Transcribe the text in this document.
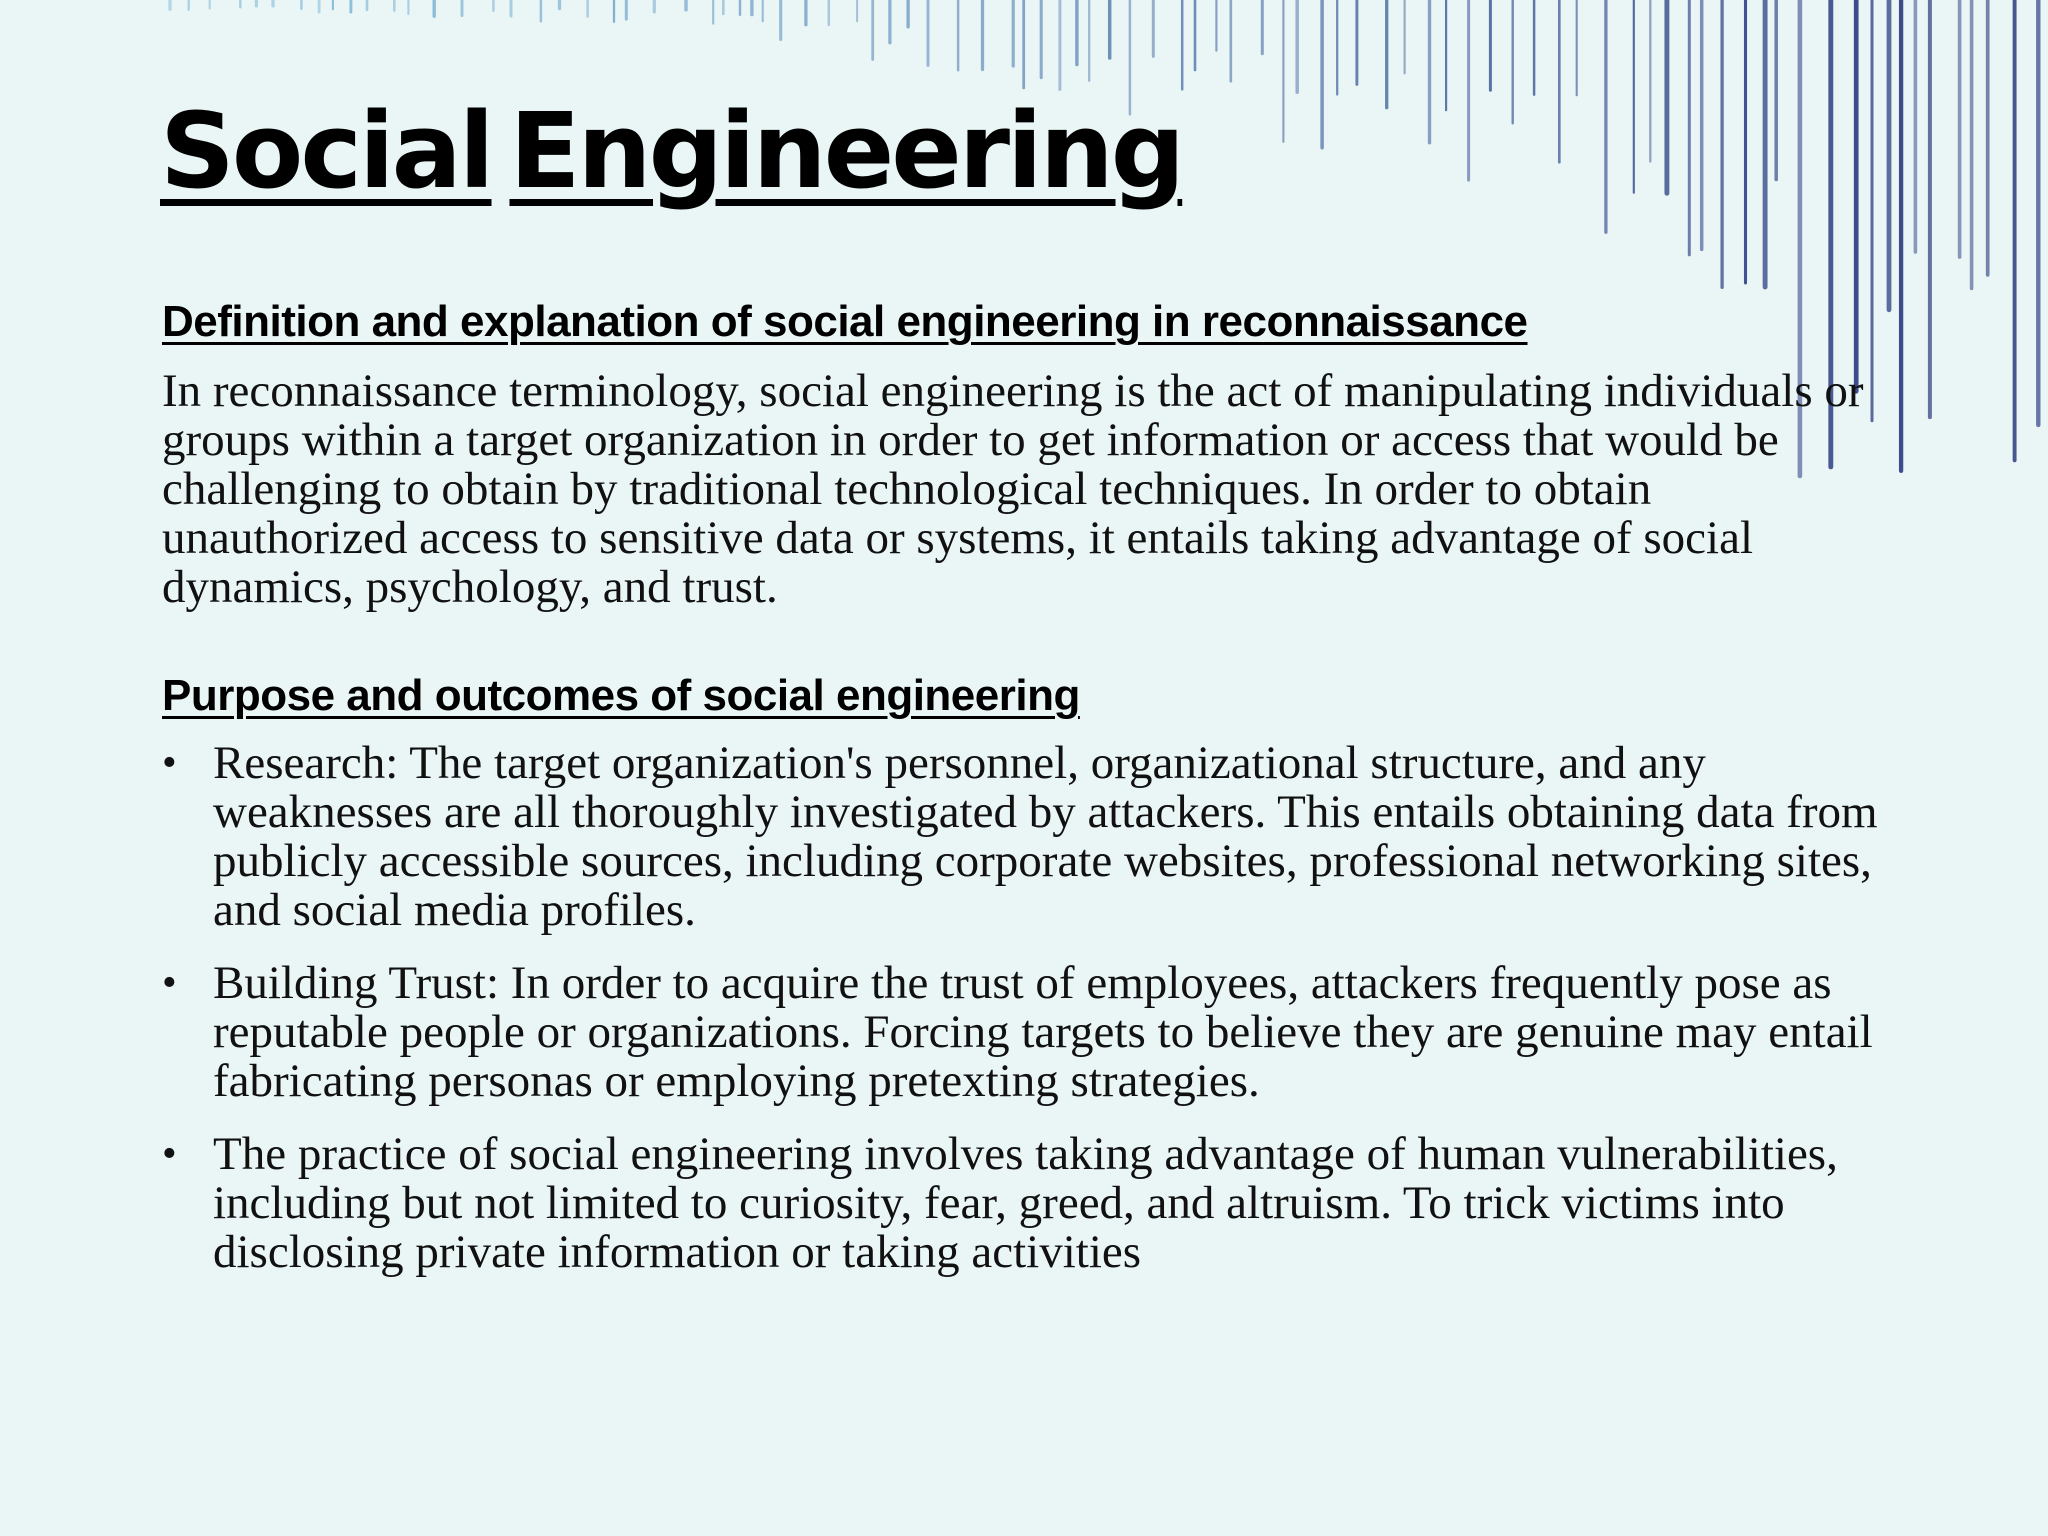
Social Engineering
Definition and explanation of social engineering in reconnaissance

In reconnaissance terminology, social engineering is the act of manipulating individuals or groups within a target organization in order to get information or access that would be challenging to obtain by traditional technological techniques. In order to obtain unauthorized access to sensitive data or systems, it entails taking advantage of social dynamics, psychology, and trust.

Purpose and outcomes of social engineering
• Research: The target organization's personnel, organizational structure, and any weaknesses are all thoroughly investigated by attackers. This entails obtaining data from publicly accessible sources, including corporate websites, professional networking sites, and social media profiles.
• Building Trust: In order to acquire the trust of employees, attackers frequently pose as reputable people or organizations. Forcing targets to believe they are genuine may entail fabricating personas or employing pretexting strategies.
• The practice of social engineering involves taking advantage of human vulnerabilities, including but not limited to curiosity, fear, greed, and altruism. To trick victims into disclosing private information or taking activities
